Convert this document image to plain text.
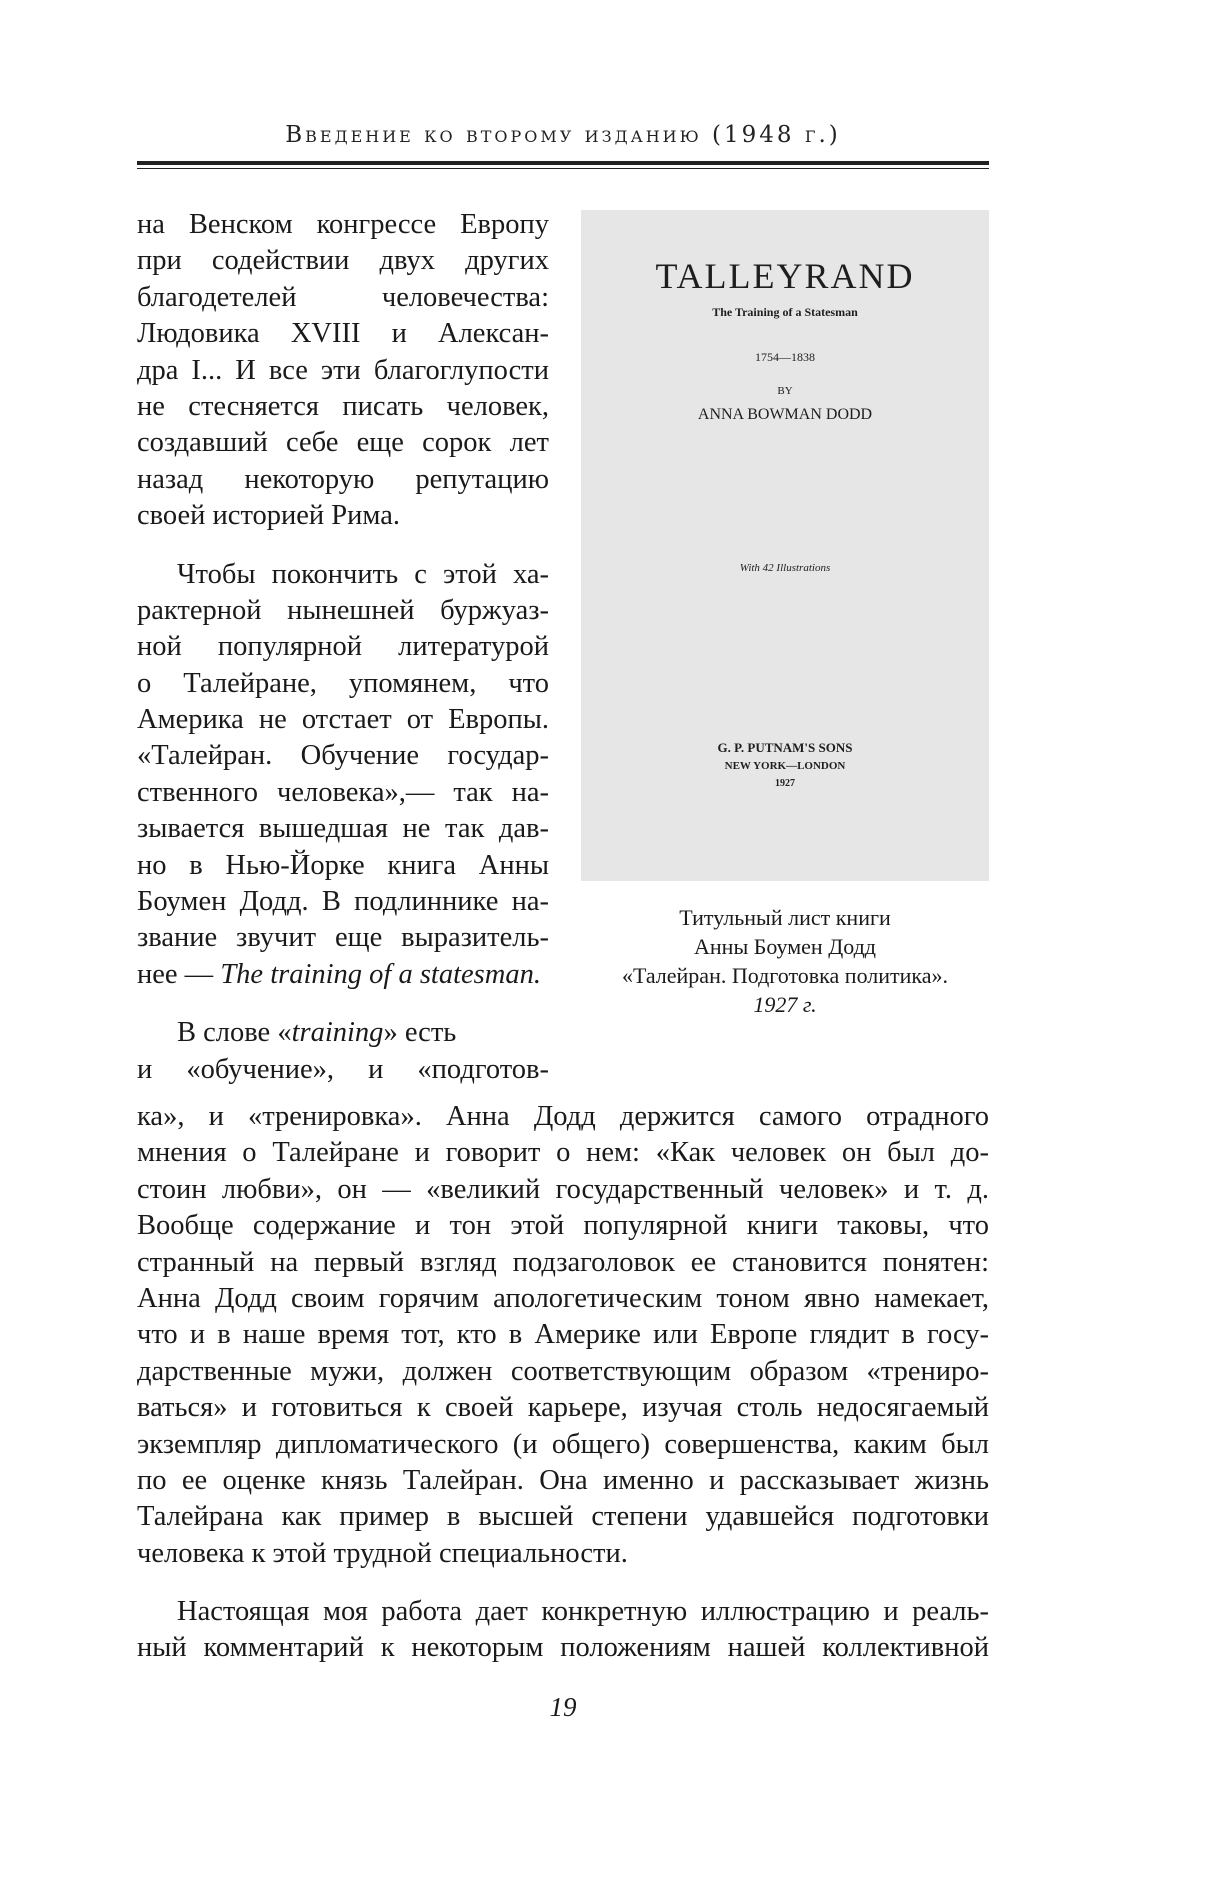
Введение ко второму изданию (1948 г.)
на Венском конгрессе Европу
при содействии двух других
благодетелей человечества:
Людовика XVIII и Алексан-
дра I... И все эти благоглупости
не стесняется писать человек,
создавший себе еще сорок лет
назад некоторую репутацию
своей историей Рима.
Чтобы покончить с этой ха-
рактерной нынешней буржуаз-
ной популярной литературой
о Талейране, упомянем, что
Америка не отстает от Европы.
«Талейран. Обучение государ-
ственного человека»,— так на-
зывается вышедшая не так дав-
но в Нью-Йорке книга Анны
Боумен Додд. В подлиннике на-
звание звучит еще выразитель-
нее — The training of a statesman.
В слове «training» есть
и «обучение», и «подготов-
TALLEYRAND
The Training of a Statesman
1754—1838
BY
ANNA BOWMAN DODD
With 42 Illustrations
G. P. PUTNAM'S SONS
NEW YORK—LONDON
1927
Титульный лист книги
Анны Боумен Додд
«Талейран. Подготовка политика».
1927 г.
ка», и «тренировка». Анна Додд держится самого отрадного
мнения о Талейране и говорит о нем: «Как человек он был до-
стоин любви», он — «великий государственный человек» и т. д.
Вообще содержание и тон этой популярной книги таковы, что
странный на первый взгляд подзаголовок ее становится понятен:
Анна Додд своим горячим апологетическим тоном явно намекает,
что и в наше время тот, кто в Америке или Европе глядит в госу-
дарственные мужи, должен соответствующим образом «трениро-
ваться» и готовиться к своей карьере, изучая столь недосягаемый
экземпляр дипломатического (и общего) совершенства, каким был
по ее оценке князь Талейран. Она именно и рассказывает жизнь
Талейрана как пример в высшей степени удавшейся подготовки
человека к этой трудной специальности.
Настоящая моя работа дает конкретную иллюстрацию и реаль-
ный комментарий к некоторым положениям нашей коллективной
19
